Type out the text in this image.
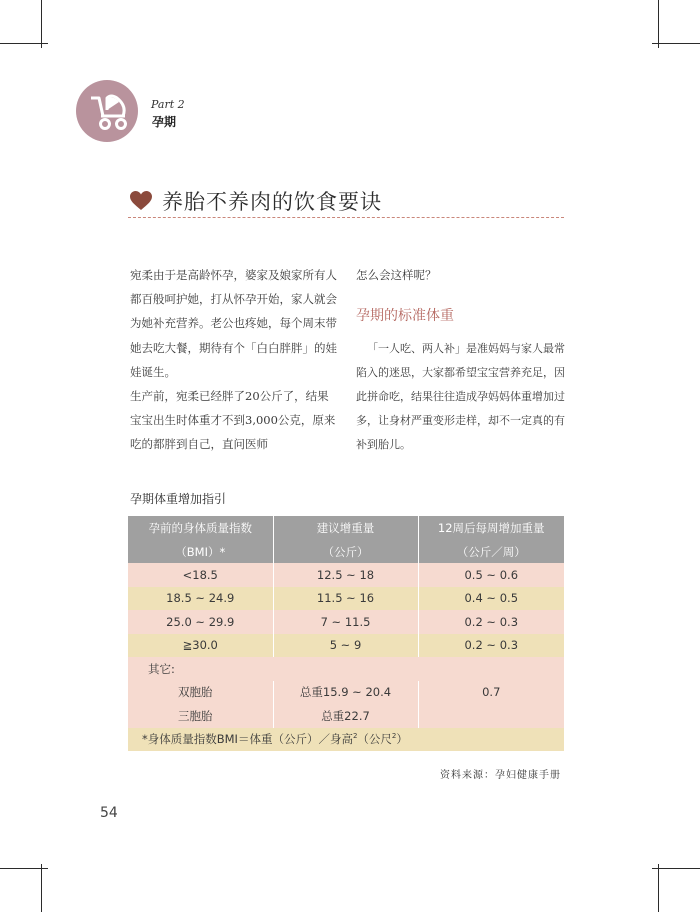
Part 2
孕期
养胎不养肉的饮食要诀

宛柔由于是高龄怀孕，婆家及娘家所有人都百般呵护她，打从怀孕开始，家人就会为她补充营养。老公也疼她，每个周末带她去吃大餐，期待有个「白白胖胖」的娃娃诞生。

生产前，宛柔已经胖了20公斤了，结果宝宝出生时体重才不到3,000公克，原来吃的都胖到自己，直问医师

怎么会这样呢？

孕期的标准体重

 「一人吃、两人补」是准妈妈与家人最常陷入的迷思，大家都希望宝宝营养充足，因此拼命吃，结果往往造成孕妈妈体重增加过多，让身材严重变形走样，却不一定真的有补到胎儿。

孕期体重增加指引
孕前的身体质量指数	建议增重量	12周后每周增加重量
（BMI）*	（公斤）	（公斤／周）
<18.5	12.5 ~ 18	0.5 ~ 0.6
18.5 ~ 24.9	11.5 ~ 16	0.4 ~ 0.5
25.0 ~ 29.9	7 ~ 11.5	0.2 ~ 0.3
≧30.0	5 ~ 9	0.2 ~ 0.3
其它:		
双胞胎	总重15.9 ~ 20.4	0.7
三胞胎	总重22.7	
*身体质量指数BMI＝体重（公斤）／身高$^2$（公尺$^2$）		
资料来源：孕妇健康手册
54
